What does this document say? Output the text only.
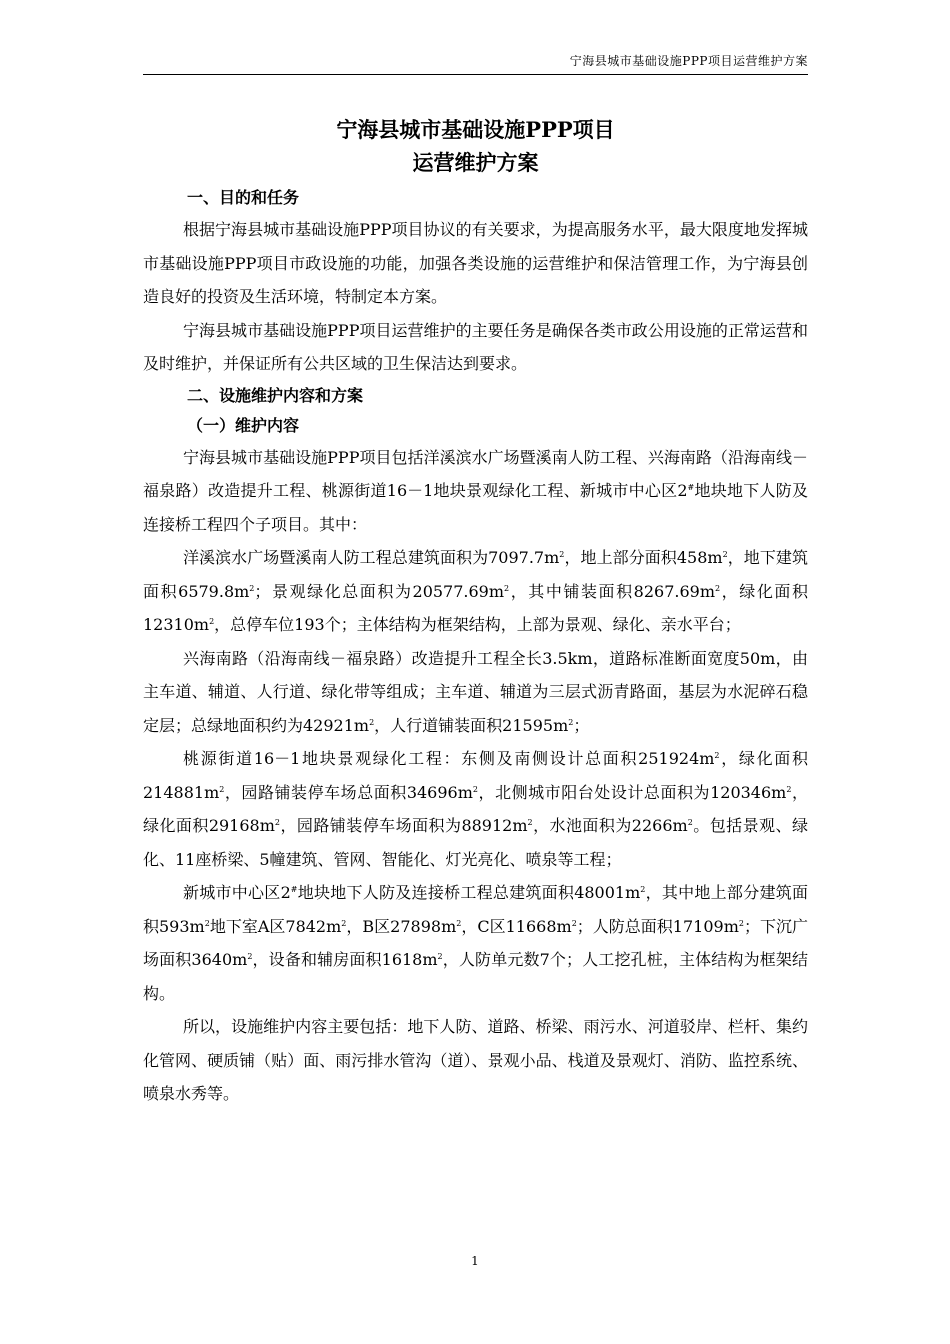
宁海县城市基础设施PPP项目运营维护方案
宁海县城市基础设施PPP项目
运营维护方案

一、目的和任务

根据宁海县城市基础设施PPP项目协议的有关要求，为提高服务水平，最大限度地发挥城市基础设施PPP项目市政设施的功能，加强各类设施的运营维护和保洁管理工作，为宁海县创造良好的投资及生活环境，特制定本方案。

宁海县城市基础设施PPP项目运营维护的主要任务是确保各类市政公用设施的正常运营和及时维护，并保证所有公共区域的卫生保洁达到要求。

二、设施维护内容和方案

（一）维护内容

宁海县城市基础设施PPP项目包括洋溪滨水广场暨溪南人防工程、兴海南路（沿海南线－福泉路）改造提升工程、桃源街道16－1地块景观绿化工程、新城市中心区2#地块地下人防及连接桥工程四个子项目。其中：

洋溪滨水广场暨溪南人防工程总建筑面积为$7097.7m^2$，地上部分面积$458m^2$，地下建筑面积$6579.8m^2$；景观绿化总面积为$20577.69m^2$，其中铺装面积$8267.69m^2$，绿化面积$12310m^2$，总停车位193个；主体结构为框架结构，上部为景观、绿化、亲水平台；

兴海南路（沿海南线－福泉路）改造提升工程全长3.5km，道路标准断面宽度50m，由主车道、辅道、人行道、绿化带等组成；主车道、辅道为三层式沥青路面，基层为水泥碎石稳定层；总绿地面积约为$42921m^2$，人行道铺装面积$21595m^2$；

桃源街道16－1地块景观绿化工程：东侧及南侧设计总面积$251924m^2$，绿化面积$214881m^2$，园路铺装停车场总面积$34696m^2$，北侧城市阳台处设计总面积为$120346m^2$，绿化面积$29168m^2$，园路铺装停车场面积为$88912m^2$，水池面积为$2266m^2$。包括景观、绿化、11座桥梁、5幢建筑、管网、智能化、灯光亮化、喷泉等工程；

新城市中心区2#地块地下人防及连接桥工程总建筑面积$48001m^2$，其中地上部分建筑面积$593m^2$地下室A区$7842m^2$，B区$27898m^2$，C区$11668m^2$；人防总面积$17109m^2$；下沉广场面积$3640m^2$，设备和辅房面积$1618m^2$，人防单元数7个；人工挖孔桩，主体结构为框架结构。

所以，设施维护内容主要包括：地下人防、道路、桥梁、雨污水、河道驳岸、栏杆、集约化管网、硬质铺（贴）面、雨污排水管沟（道）、景观小品、栈道及景观灯、消防、监控系统、喷泉水秀等。

1
